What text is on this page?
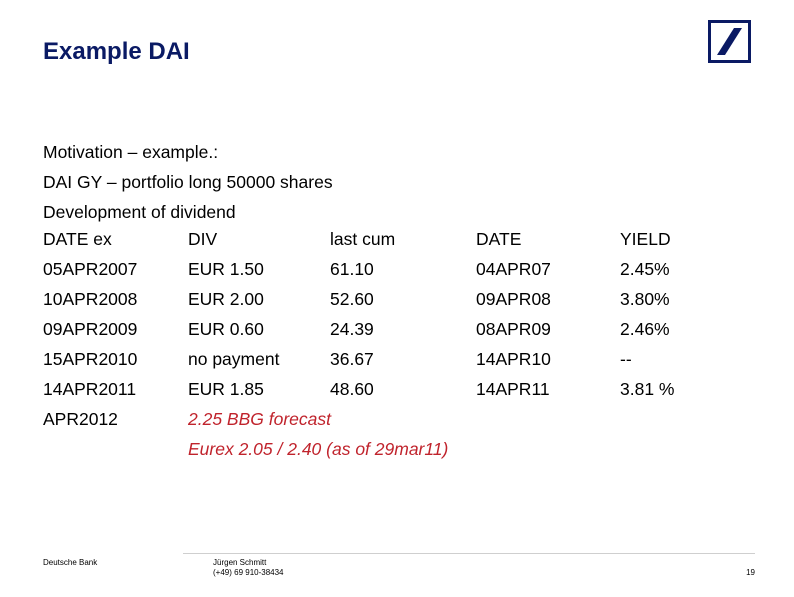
Example DAI
Motivation – example.:
DAI GY – portfolio long 50000 shares
Development of dividend
DATE ex	DIV	last cum	DATE	YIELD
05APR2007	EUR 1.50	61.10	04APR07	2.45%
10APR2008	EUR 2.00	52.60	09APR08	3.80%
09APR2009	EUR 0.60	24.39	08APR09	2.46%
15APR2010	no payment	36.67	14APR10	--
14APR2011	EUR 1.85	48.60	14APR11	3.81 %
APR2012	2.25 BBG forecast
Eurex 2.05 / 2.40 (as of 29mar11)
Deutsche Bank	Jürgen Schmitt
(+49) 69 910-38434	19
